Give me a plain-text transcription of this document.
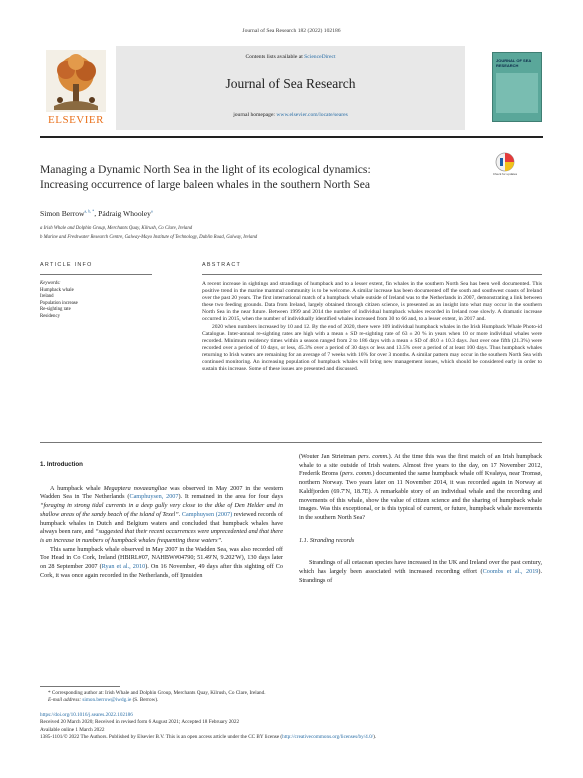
Journal of Sea Research 182 (2022) 102186
ELSEVIER
Contents lists available at ScienceDirect
Journal of Sea Research
journal homepage: www.elsevier.com/locate/seares
JOURNAL OF SEA RESEARCH
Managing a Dynamic North Sea in the light of its ecological dynamics:
Increasing occurrence of large baleen whales in the southern North Sea
Check for updates
Simon Berrow$^{a, b, *}$, Pádraig Whooley$^a$
a Irish Whale and Dolphin Group, Merchants Quay, Kilrush, Co Clare, Ireland
b Marine and Freshwater Research Centre, Galway-Mayo Institute of Technology, Dublin Road, Galway, Ireland
ARTICLE INFO	ABSTRACT
Keywords:
Humpback whale
Ireland
Population increase
Re-sighting rate
Residency

A recent increase in sightings and strandings of humpback and to a lesser extent, fin whales in the southern North Sea has been well documented. This positive trend in the marine mammal community is to be welcome. A similar increase has been documented off the south and southwest coasts of Ireland over the past 20 years. The first international match of a humpback whale outside of Ireland was to the Netherlands in 2007, demonstrating a link between these two feeding grounds. Data from Ireland, largely obtained through citizen science, is presented as an insight into what may occur in the southern North Sea in the near future. Between 1999 and 2014 the number of individual humpback whales recorded in Ireland rose slowly. A dramatic increase occurred in 2015, when the number of individually identified whales increased from 30 to 66 and, to a lesser extent, in 2017 and.

2020 when numbers increased by 10 and 12. By the end of 2020, there were 109 individual humpback whales in the Irish Humpback Whale Photo-id Catalogue. Inter-annual re-sighting rates are high with a mean ± SD re-sighting rate of 63 ± 20 % in years when 10 or more individual whales were recorded. Minimum residency times within a season ranged from 2 to 186 days with a mean ± SD of 48.0 ± 10.3 days. Just over one fifth (21.3%) were recorded over a period of 10 days, or less, 45.3% over a period of 30 days or less and 13.5% over a period of at least 100 days. Thus humpback whales returning to Irish waters are remaining for an average of 7 weeks with 16% for over 3 months. A similar pattern may occur in the southern North Sea with continued monitoring. An increasing population of humpback whales will bring new management issues, which should be considered early in order to sustain this increase. Some of these issues are presented and discussed.

1. Introduction

A humpback whale Megaptera novaeangliae was observed in May 2007 in the western Wadden Sea in The Netherlands (Camphuysen, 2007). It remained in the area for four days “foraging in strong tidal currents in a deep gully very close to the dike of Den Helder and in shallow areas of the sandy beach of the island of Texel”. Camphuysen (2007) reviewed records of humpback whales in Dutch and Belgium waters and concluded that humpback whales have always been rare, and “suggested that their recent occurrences were unprecedented and that there is an increase in numbers of humpback whales frequenting these waters”.

This same humpback whale observed in May 2007 in the Wadden Sea, was also recorded off Toe Head in Co Cork, Ireland (HBIRL#07, NAHBW#04790; 51.49′N, 9.202′W), 130 days later on 28 September 2007 (Ryan et al., 2010). On 16 November, 49 days after this sighting off Co Cork, it was once again recorded in the Netherlands, off Ijmuiden

(Wouter Jan Strietman pers. comm.). At the time this was the first match of an Irish humpback whale to a site outside of Irish waters. Almost five years to the day, on 17 November 2012, Frederik Broms (pers. comm.) documented the same humpback whale off Kvaløya, near Tromsø, northern Norway. Two years later on 11 November 2014, it was recorded again in Norway at Kaldfjorden (69.7′N, 18.7E). A remarkable story of an individual whale and the recording and movements of this whale, show the value of citizen science and the sharing of humpback whale images. Was this exceptional, or is this typical of current, or future, humpback whale movements in the southern North Sea?

1.1. Stranding records

Strandings of all cetacean species have increased in the UK and Ireland over the past century, which has largely been associated with increased recording effort (Coombs et al., 2019). Strandings of

* Corresponding author at: Irish Whale and Dolphin Group, Merchants Quay, Kilrush, Co Clare, Ireland.
E-mail address: simon.berrow@iwdg.ie (S. Berrow).
https://doi.org/10.1016/j.seares.2022.102186
Received 20 March 2020; Received in revised form 6 August 2021; Accepted 18 February 2022
Available online 1 March 2022
1385-1101/© 2022 The Authors. Published by Elsevier B.V. This is an open access article under the CC BY license (http://creativecommons.org/licenses/by/4.0/).
